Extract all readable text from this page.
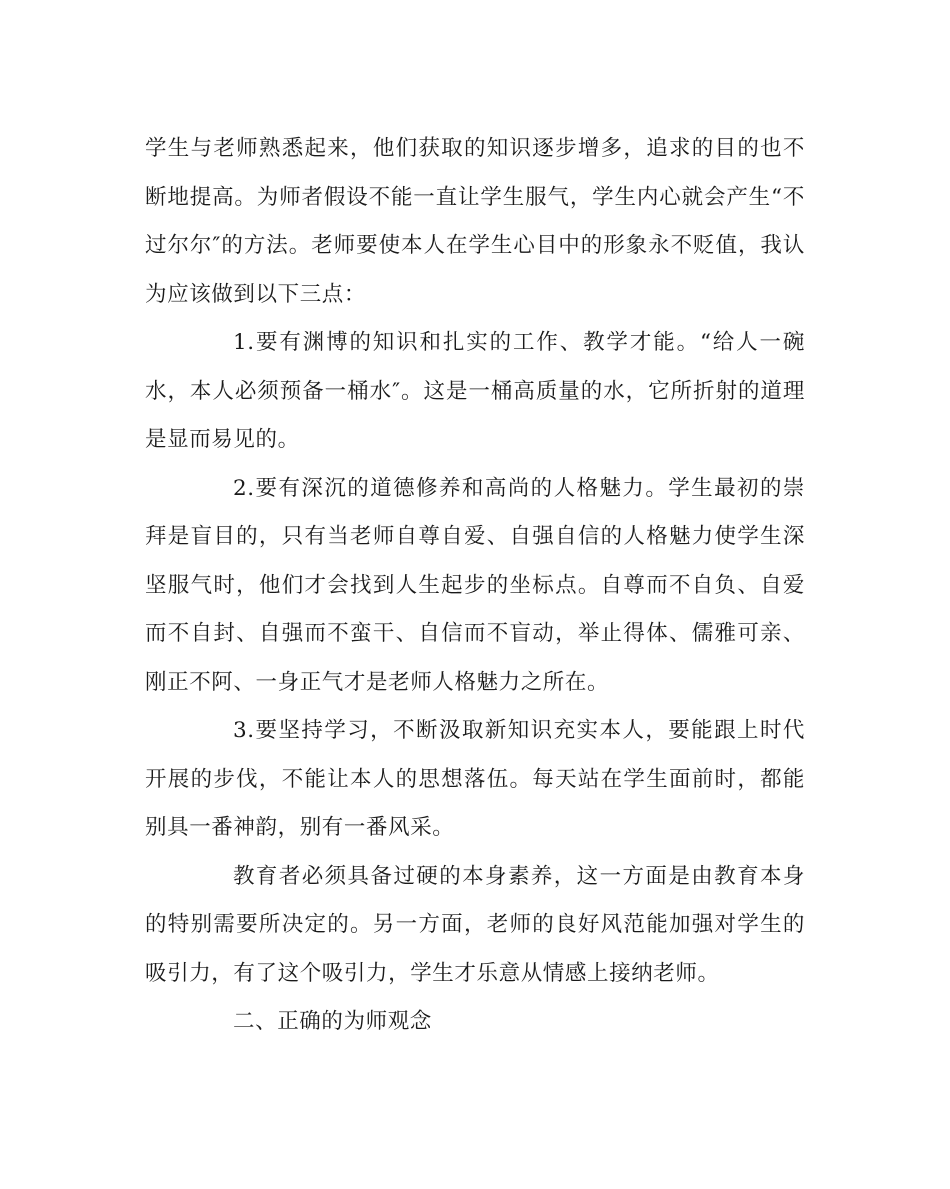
学生与老师熟悉起来，他们获取的知识逐步增多，追求的目的也不断地提高。为师者假设不能一直让学生服气，学生内心就会产生“不过尔尔″的方法。老师要使本人在学生心目中的形象永不贬值，我认为应该做到以下三点：

1.要有渊博的知识和扎实的工作、教学才能。“给人一碗水，本人必须预备一桶水″。这是一桶高质量的水，它所折射的道理是显而易见的。

2.要有深沉的道德修养和高尚的人格魅力。学生最初的崇拜是盲目的，只有当老师自尊自爱、自强自信的人格魅力使学生深坚服气时，他们才会找到人生起步的坐标点。自尊而不自负、自爱而不自封、自强而不蛮干、自信而不盲动，举止得体、儒雅可亲、刚正不阿、一身正气才是老师人格魅力之所在。

3.要坚持学习，不断汲取新知识充实本人，要能跟上时代开展的步伐，不能让本人的思想落伍。每天站在学生面前时，都能别具一番神韵，别有一番风采。

教育者必须具备过硬的本身素养，这一方面是由教育本身的特别需要所决定的。另一方面，老师的良好风范能加强对学生的吸引力，有了这个吸引力，学生才乐意从情感上接纳老师。

二、正确的为师观念
